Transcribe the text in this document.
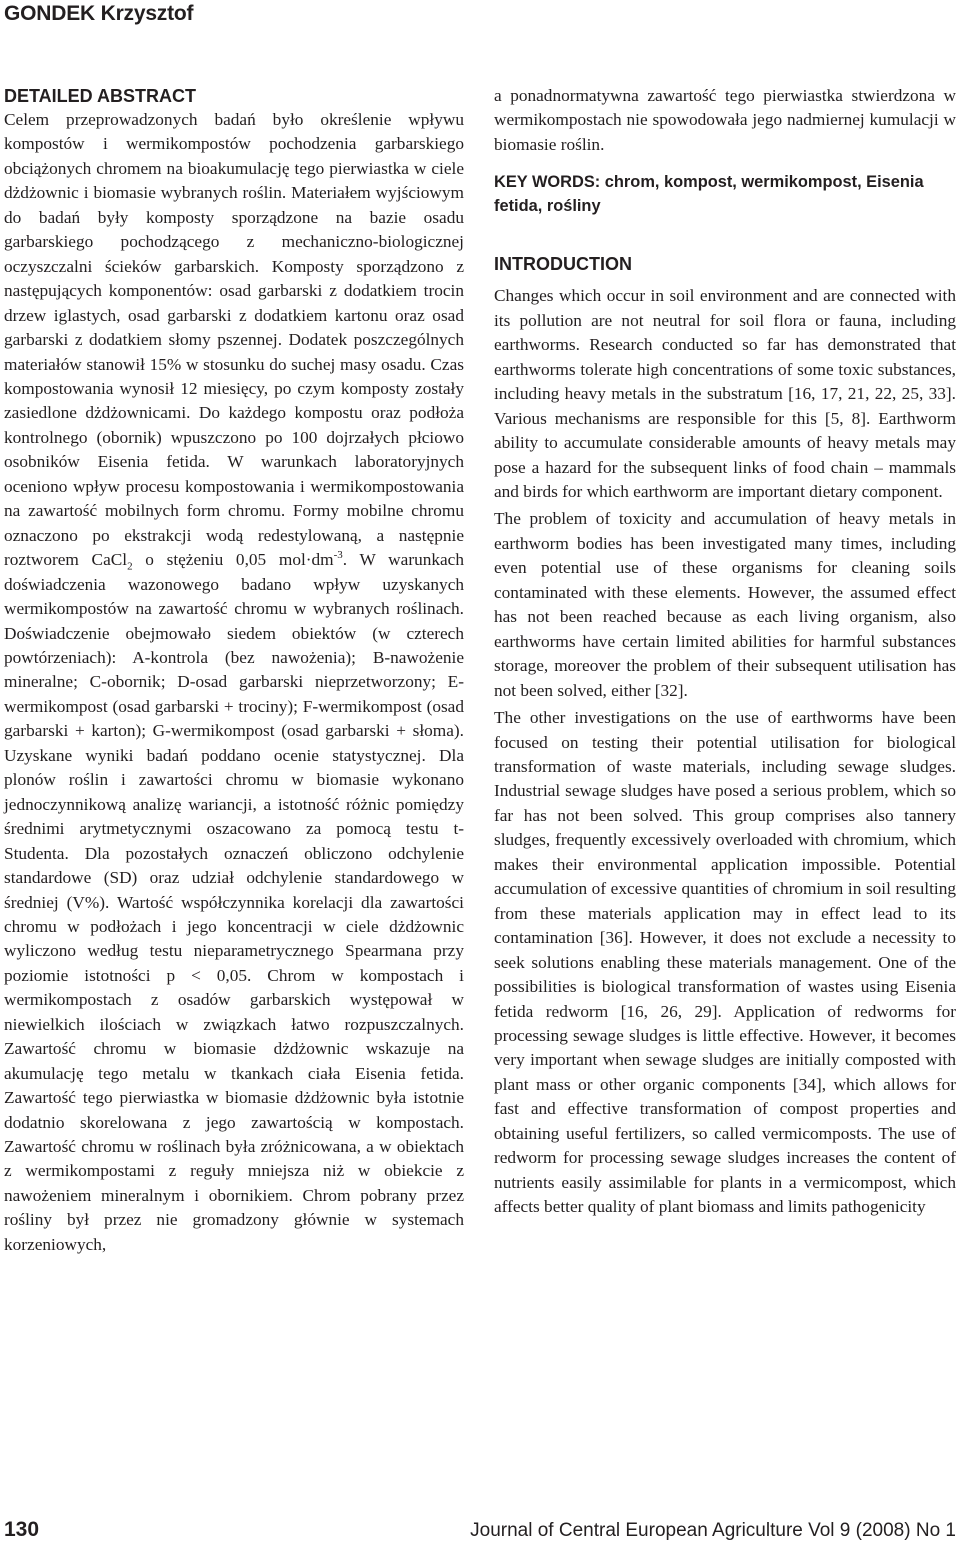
GONDEK Krzysztof
DETAILED ABSTRACT

Celem przeprowadzonych badań było określenie wpływu kompostów i wermikompostów pochodzenia garbarskiego obciążonych chromem na bioakumulację tego pierwiastka w ciele dżdżownic i biomasie wybranych roślin. Materiałem wyjściowym do badań były komposty sporządzone na bazie osadu garbarskiego pochodzącego z mechaniczno-biologicznej oczyszczalni ścieków garbarskich. Komposty sporządzono z następujących komponentów: osad garbarski z dodatkiem trocin drzew iglastych, osad garbarski z dodatkiem kartonu oraz osad garbarski z dodatkiem słomy pszennej. Dodatek poszczególnych materiałów stanowił 15% w stosunku do suchej masy osadu. Czas kompostowania wynosił 12 miesięcy, po czym komposty zostały zasiedlone dżdżownicami. Do każdego kompostu oraz podłoża kontrolnego (obornik) wpuszczono po 100 dojrzałych płciowo osobników Eisenia fetida. W warunkach laboratoryjnych oceniono wpływ procesu kompostowania i wermikompostowania na zawartość mobilnych form chromu. Formy mobilne chromu oznaczono po ekstrakcji wodą redestylowaną, a następnie roztworem CaCl$_2$ o stężeniu 0,05 $mol\cdot dm^{-3}$. W warunkach doświadczenia wazonowego badano wpływ uzyskanych wermikompostów na zawartość chromu w wybranych roślinach. Doświadczenie obejmowało siedem obiektów (w czterech powtórzeniach): A-kontrola (bez nawożenia); B-nawożenie mineralne; C-obornik; D-osad garbarski nieprzetworzony; E-wermikompost (osad garbarski + trociny); F-wermikompost (osad garbarski + karton); G-wermikompost (osad garbarski + słoma). Uzyskane wyniki badań poddano ocenie statystycznej. Dla plonów roślin i zawartości chromu w biomasie wykonano jednoczynnikową analizę wariancji, a istotność różnic pomiędzy średnimi arytmetycznymi oszacowano za pomocą testu t-Studenta. Dla pozostałych oznaczeń obliczono odchylenie standardowe (SD) oraz udział odchylenie standardowego w średniej (V%). Wartość współczynnika korelacji dla zawartości chromu w podłożach i jego koncentracji w ciele dżdżownic wyliczono według testu nieparametrycznego Spearmana przy poziomie istotności p < 0,05. Chrom w kompostach i wermikompostach z osadów garbarskich występował w niewielkich ilościach w związkach łatwo rozpuszczalnych. Zawartość chromu w biomasie dżdżownic wskazuje na akumulację tego metalu w tkankach ciała Eisenia fetida. Zawartość tego pierwiastka w biomasie dżdżownic była istotnie dodatnio skorelowana z jego zawartością w kompostach. Zawartość chromu w roślinach była zróżnicowana, a w obiektach z wermikompostami z reguły mniejsza niż w obiekcie z nawożeniem mineralnym i obornikiem. Chrom pobrany przez rośliny był przez nie gromadzony głównie w systemach korzeniowych,

a ponadnormatywna zawartość tego pierwiastka stwierdzona w wermikompostach nie spowodowała jego nadmiernej kumulacji w biomasie roślin.

KEY WORDS: chrom, kompost, wermikompost, Eisenia
fetida, rośliny

INTRODUCTION

Changes which occur in soil environment and are connected with its pollution are not neutral for soil flora or fauna, including earthworms. Research conducted so far has demonstrated that earthworms tolerate high concentrations of some toxic substances, including heavy metals in the substratum [16, 17, 21, 22, 25, 33]. Various mechanisms are responsible for this [5, 8]. Earthworm ability to accumulate considerable amounts of heavy metals may pose a hazard for the subsequent links of food chain – mammals and birds for which earthworm are important dietary component.

The problem of toxicity and accumulation of heavy metals in earthworm bodies has been investigated many times, including even potential use of these organisms for cleaning soils contaminated with these elements. However, the assumed effect has not been reached because as each living organism, also earthworms have certain limited abilities for harmful substances storage, moreover the problem of their subsequent utilisation has not been solved, either [32].

The other investigations on the use of earthworms have been focused on testing their potential utilisation for biological transformation of waste materials, including sewage sludges. Industrial sewage sludges have posed a serious problem, which so far has not been solved. This group comprises also tannery sludges, frequently excessively overloaded with chromium, which makes their environmental application impossible. Potential accumulation of excessive quantities of chromium in soil resulting from these materials application may in effect lead to its contamination [36]. However, it does not exclude a necessity to seek solutions enabling these materials management. One of the possibilities is biological transformation of wastes using Eisenia fetida redworm [16, 26, 29]. Application of redworms for processing sewage sludges is little effective. However, it becomes very important when sewage sludges are initially composted with plant mass or other organic components [34], which allows for fast and effective transformation of compost properties and obtaining useful fertilizers, so called vermicomposts. The use of redworm for processing sewage sludges increases the content of nutrients easily assimilable for plants in a vermicompost, which affects better quality of plant biomass and limits pathogenicity

130	Journal of Central European Agriculture Vol 9 (2008) No 1
